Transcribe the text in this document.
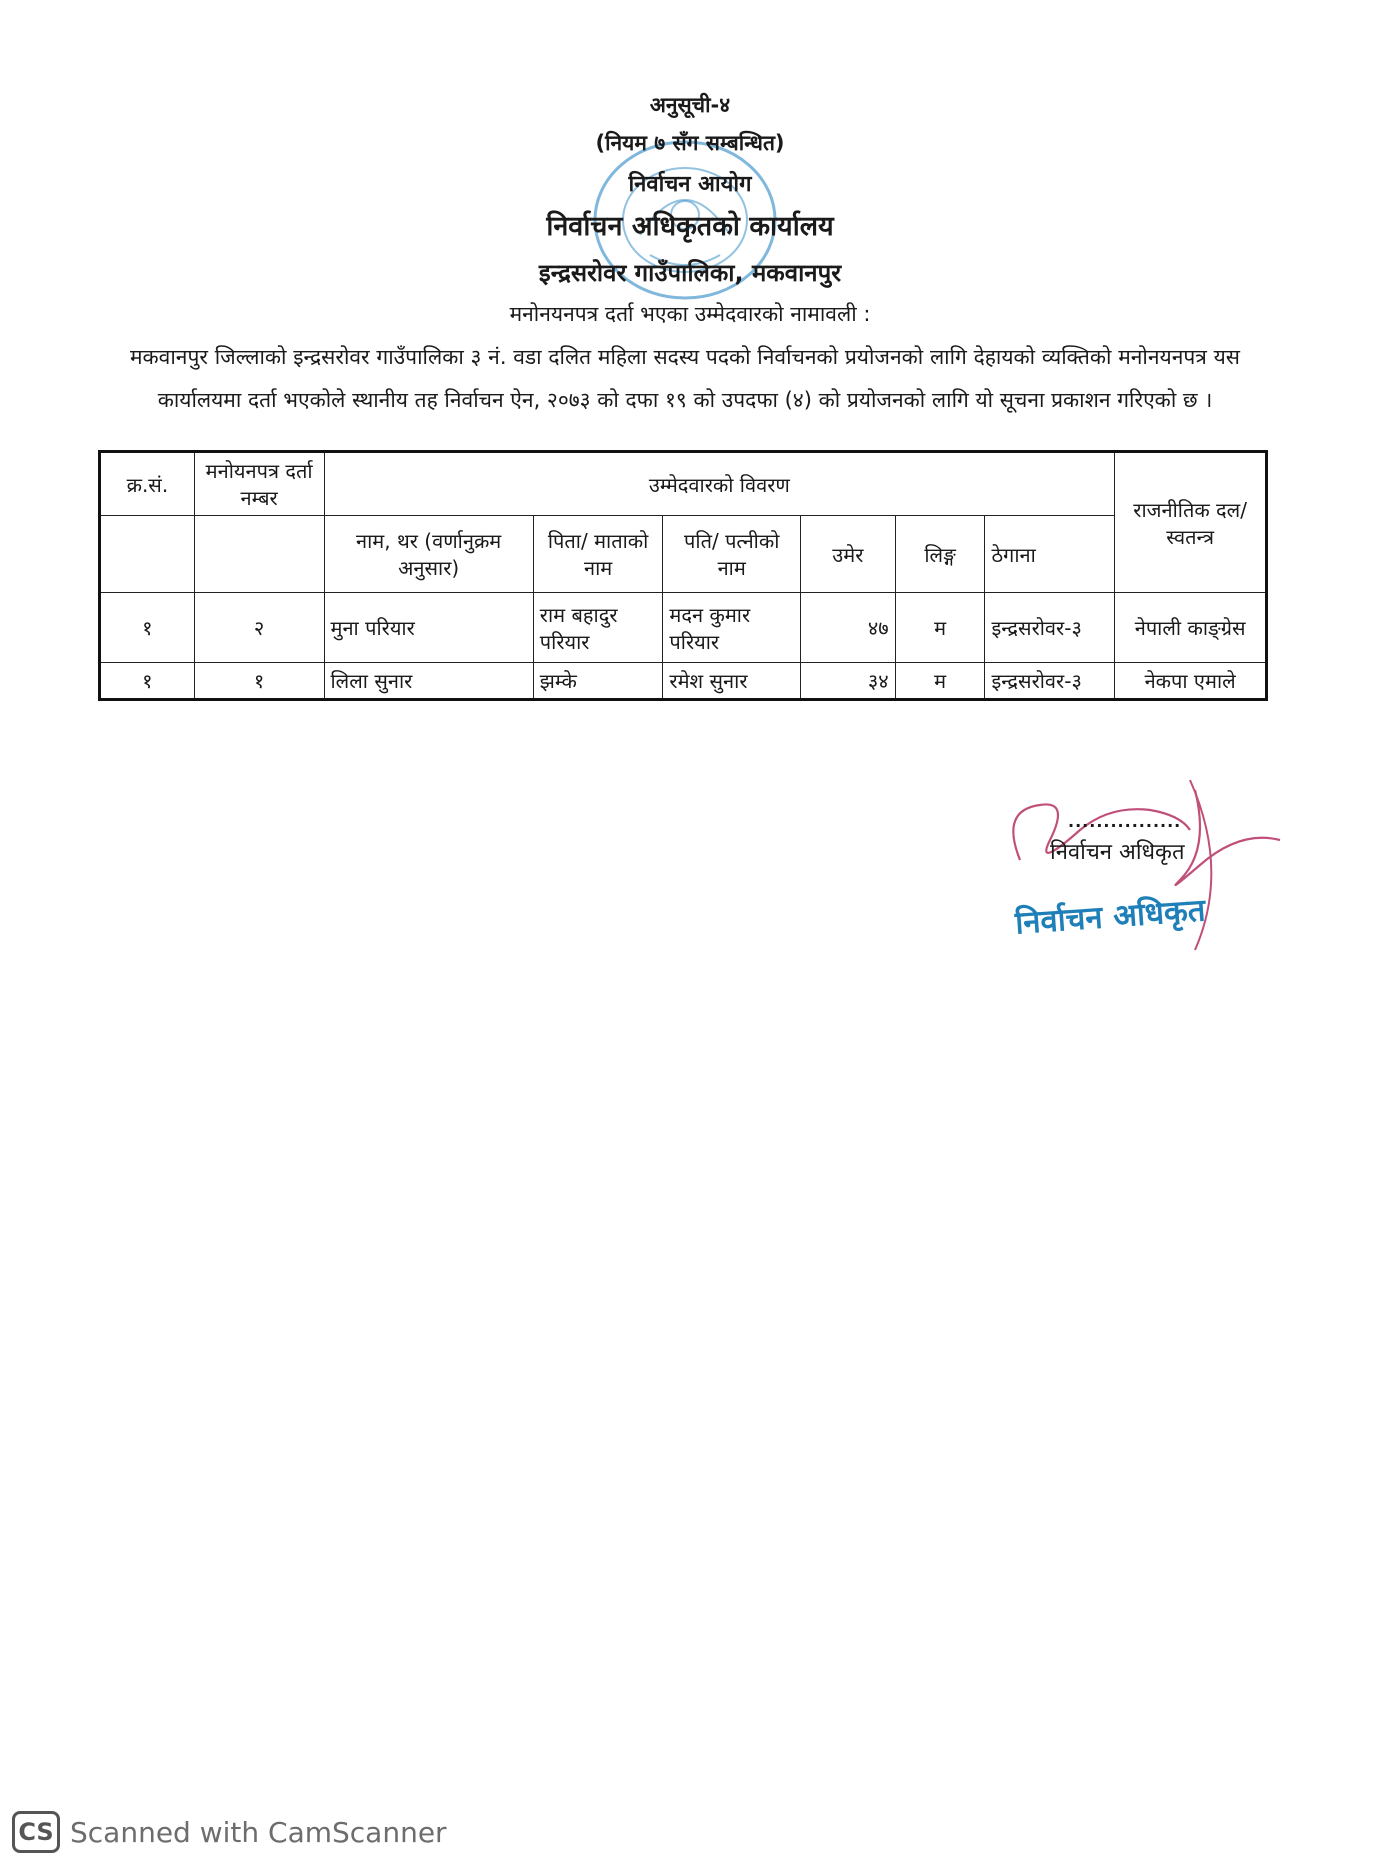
अनुसूची-४
(नियम ७ सँग सम्बन्धित)
निर्वाचन आयोग
निर्वाचन अधिकृतको कार्यालय
इन्द्रसरोवर गाउँपालिका, मकवानपुर
मनोनयनपत्र दर्ता भएका उम्मेदवारको नामावली :
मकवानपुर जिल्लाको इन्द्रसरोवर गाउँपालिका ३ नं. वडा दलित महिला सदस्य पदको निर्वाचनको प्रयोजनको लागि देहायको व्यक्तिको मनोनयनपत्र यस कार्यालयमा दर्ता भएकोले स्थानीय तह निर्वाचन ऐन, २०७३ को दफा १९ को उपदफा (४) को प्रयोजनको लागि यो सूचना प्रकाशन गरिएको छ ।
क्र.सं.	मनोयनपत्र दर्ता नम्बर	उम्मेदवारको विवरण						राजनीतिक दल/स्वतन्त्र
		नाम, थर (वर्णानुक्रम अनुसार)	पिता/ माताको नाम	पति/ पत्नीको नाम	उमेर	लिङ्ग	ठेगाना	
१	२	मुना परियार	राम बहादुर परियार	मदन कुमार परियार	४७	म	इन्द्रसरोवर-३	नेपाली काङ्ग्रेस
१	१	लिला सुनार	झम्के	रमेश सुनार	३४	म	इन्द्रसरोवर-३	नेकपा एमाले
................
निर्वाचन अधिकृत
निर्वाचन अधिकृत
CS Scanned with CamScanner
